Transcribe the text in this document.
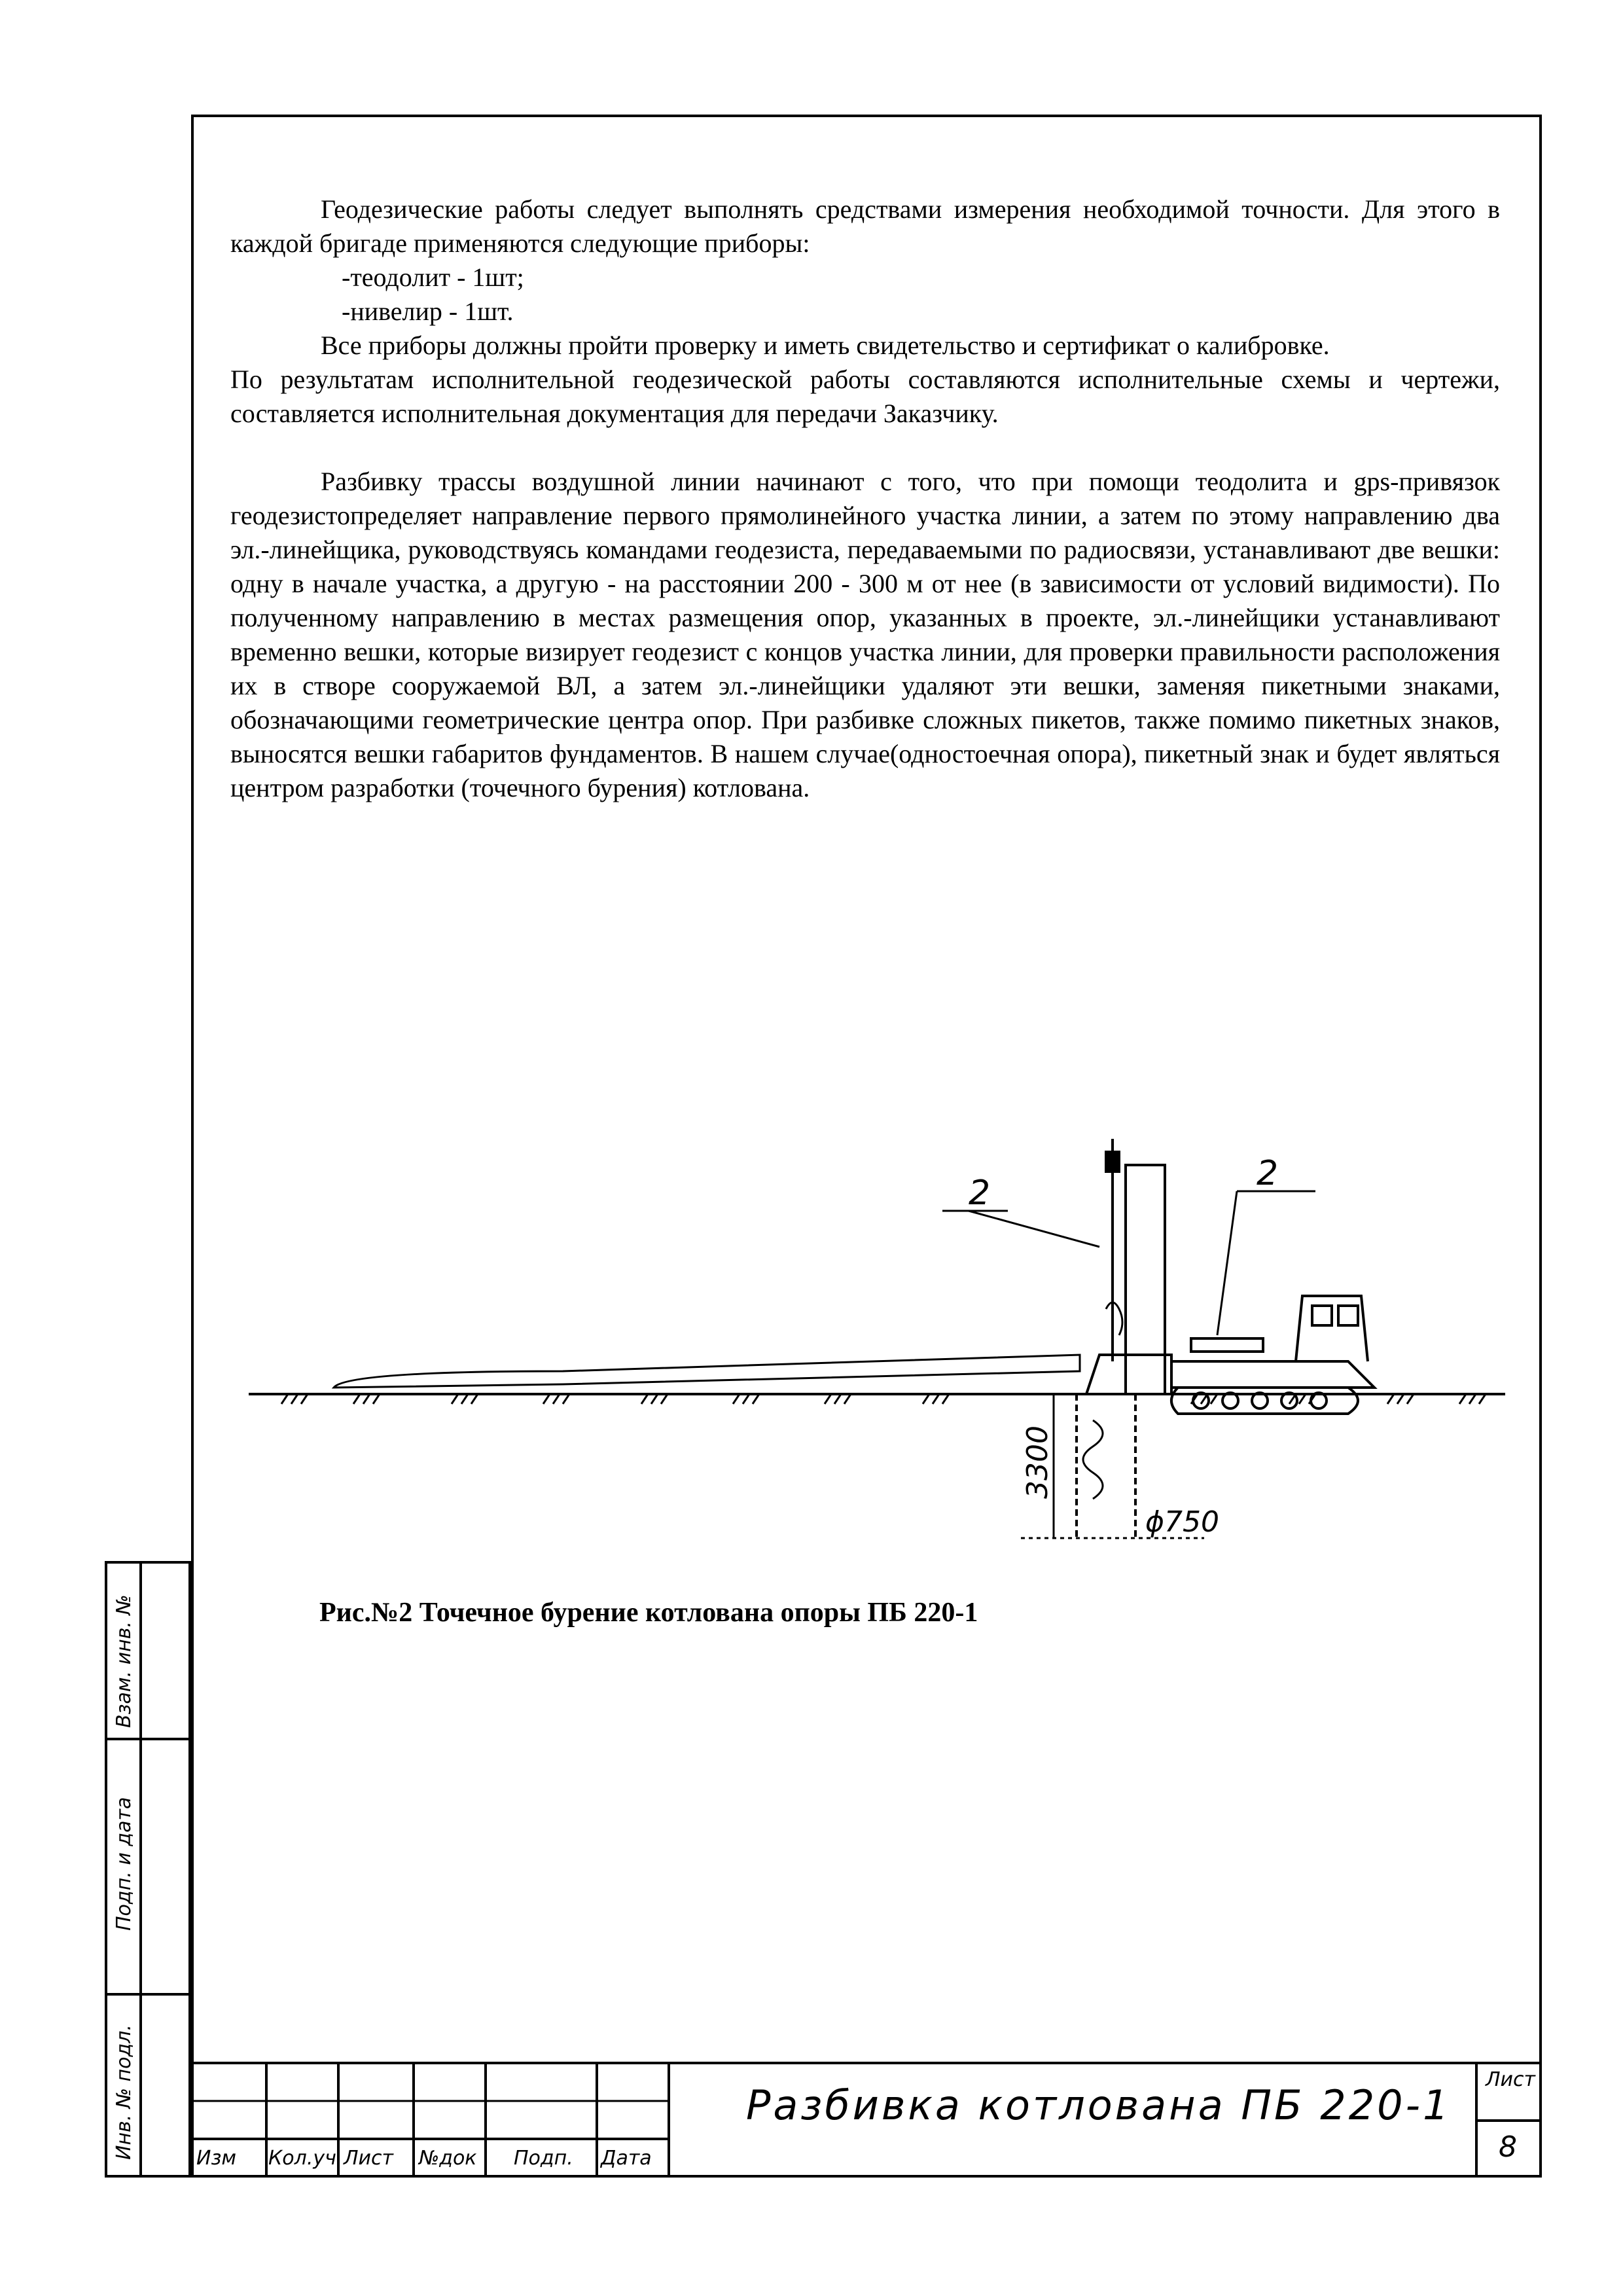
Геодезические работы следует выполнять средствами измерения необходимой точности. Для этого в каждой бригаде применяются следующие приборы:

-теодолит - 1шт;

-нивелир - 1шт.

Все приборы должны пройти проверку и иметь свидетельство и сертификат о калибровке.

По результатам исполнительной геодезической работы составляются исполнительные схемы и чертежи, составляется исполнительная документация для передачи Заказчику.

Разбивку трассы воздушной линии начинают с того, что при помощи теодолита и gps-привязок геодезистопределяет направление первого прямолинейного участка линии, а затем по этому направлению два эл.-линейщика, руководствуясь командами геодезиста, передаваемыми по радиосвязи, устанавливают две вешки: одну в начале участка, а другую - на расстоянии 200 - 300 м от нее (в зависимости от условий видимости). По полученному направлению в местах размещения опор, указанных в проекте, эл.-линейщики устанавливают временно вешки, которые визирует геодезист с концов участка линии, для проверки правильности расположения их в створе сооружаемой ВЛ, а затем эл.-линейщики удаляют эти вешки, заменяя пикетными знаками, обозначающими геометрические центра опор. При разбивке сложных пикетов, также помимо пикетных знаков, выносятся вешки габаритов фундаментов. В нашем случае(одностоечная опора), пикетный знак и будет являться центром разработки (точечного бурения) котлована.

2	2
3300
ϕ750
Рис.№2 Точечное бурение котлована опоры ПБ 220-1
Взам. инв. №
Подп. и дата
Инв. № подл.	Изм Кол.уч Лист №док Подп. Дата
Разбивка котлована ПБ 220-1
Лист
8
